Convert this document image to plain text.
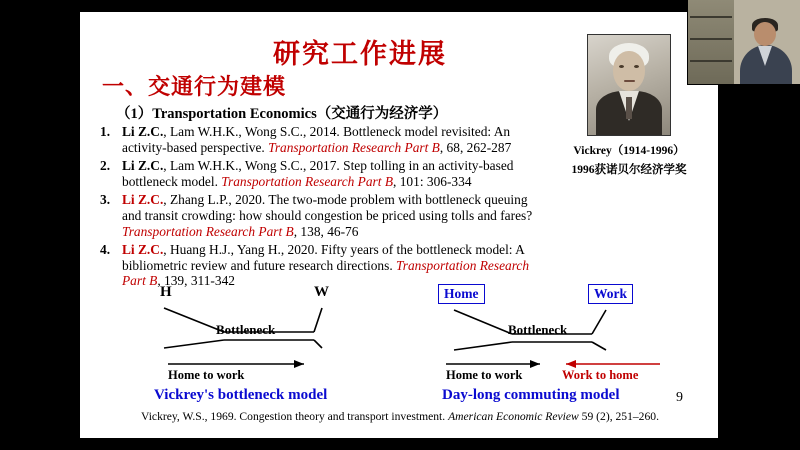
研究工作进展
一、交通行为建模
（1）Transportation Economics（交通行为经济学）
Vickrey（1914-1996）
1996获诺贝尔经济学奖
1. Li Z.C., Lam W.H.K., Wong S.C., 2014. Bottleneck model revisited: An activity-based perspective. Transportation Research Part B, 68, 262-287
2. Li Z.C., Lam W.H.K., Wong S.C., 2017. Step tolling in an activity-based bottleneck model. Transportation Research Part B, 101: 306-334
3. Li Z.C., Zhang L.P., 2020. The two-mode problem with bottleneck queuing and transit crowding: how should congestion be priced using tolls and fares? Transportation Research Part B, 138, 46-76
4. Li Z.C., Huang H.J., Yang H., 2020. Fifty years of the bottleneck model: A bibliometric review and future research directions. Transportation Research Part B, 139, 311-342
H	W
Bottleneck
Home to work
Vickrey's bottleneck model
Home	Work
Bottleneck
Home to work	Work to home
Day-long commuting model	9
Vickrey, W.S., 1969. Congestion theory and transport investment. American Economic Review 59 (2), 251–260.
